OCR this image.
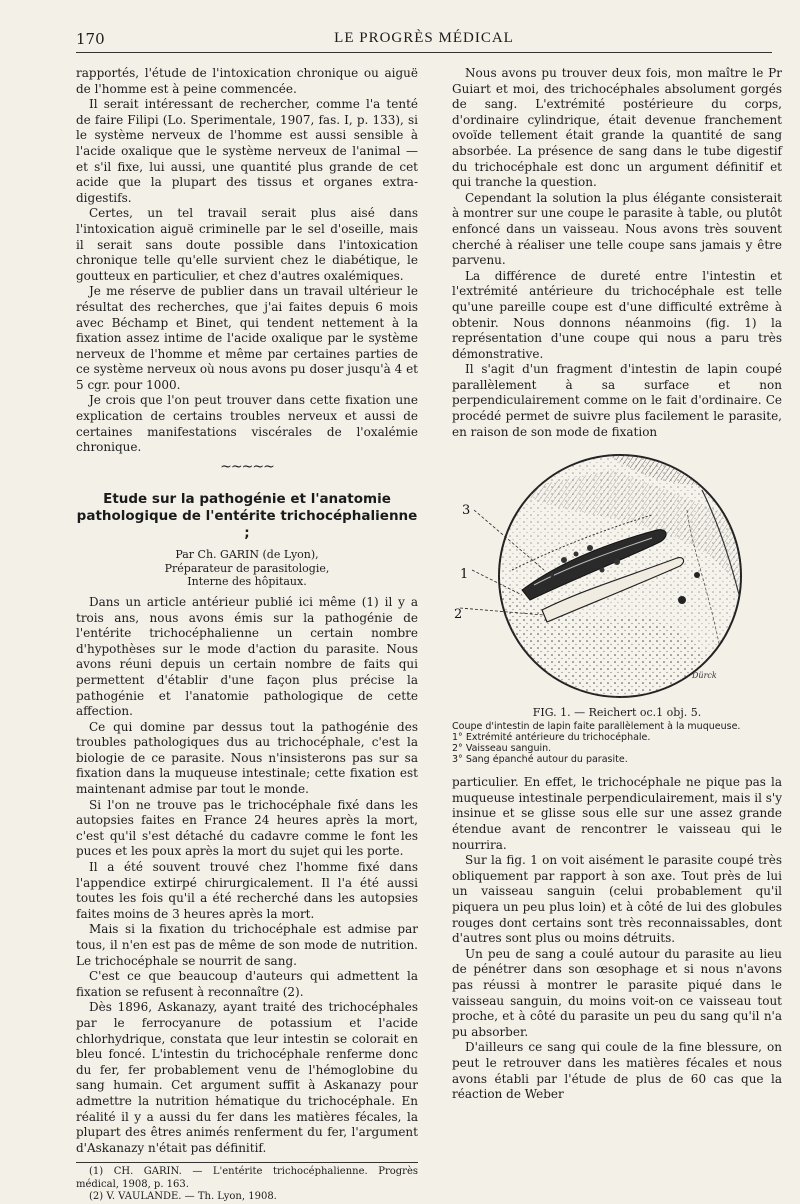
170	LE PROGRÈS MÉDICAL

rapportés, l'étude de l'intoxication chronique ou aiguë de l'homme est à peine commencée.

Il serait intéressant de rechercher, comme l'a tenté de faire Filipi (Lo. Sperimentale, 1907, fas. I, p. 133), si le système nerveux de l'homme est aussi sensible à l'acide oxalique que le système nerveux de l'animal — et s'il fixe, lui aussi, une quantité plus grande de cet acide que la plupart des tissus et organes extra-digestifs.

Certes, un tel travail serait plus aisé dans l'intoxication aiguë criminelle par le sel d'oseille, mais il serait sans doute possible dans l'intoxication chronique telle qu'elle survient chez le diabétique, le goutteux en particulier, et chez d'autres oxalémiques.

Je me réserve de publier dans un travail ultérieur le résultat des recherches, que j'ai faites depuis 6 mois avec Béchamp et Binet, qui tendent nettement à la fixation assez intime de l'acide oxalique par le système nerveux de l'homme et même par certaines parties de ce système nerveux où nous avons pu doser jusqu'à 4 et 5 cgr. pour 1000.

Je crois que l'on peut trouver dans cette fixation une explication de certains troubles nerveux et aussi de certaines manifestations viscérales de l'oxalémie chronique.

~~~~~
Etude sur la pathogénie et l'anatomie pathologique de l'entérite trichocéphalienne ;
Par Ch. GARIN (de Lyon),
Préparateur de parasitologie,
Interne des hôpitaux.

Dans un article antérieur publié ici même (1) il y a trois ans, nous avons émis sur la pathogénie de l'entérite trichocéphalienne un certain nombre d'hypothèses sur le mode d'action du parasite. Nous avons réuni depuis un certain nombre de faits qui permettent d'établir d'une façon plus précise la pathogénie et l'anatomie pathologique de cette affection.

Ce qui domine par dessus tout la pathogénie des troubles pathologiques dus au trichocéphale, c'est la biologie de ce parasite. Nous n'insisterons pas sur sa fixation dans la muqueuse intestinale; cette fixation est maintenant admise par tout le monde.

Si l'on ne trouve pas le trichocéphale fixé dans les autopsies faites en France 24 heures après la mort, c'est qu'il s'est détaché du cadavre comme le font les puces et les poux après la mort du sujet qui les porte.

Il a été souvent trouvé chez l'homme fixé dans l'appendice extirpé chirurgicalement. Il l'a été aussi toutes les fois qu'il a été recherché dans les autopsies faites moins de 3 heures après la mort.

Mais si la fixation du trichocéphale est admise par tous, il n'en est pas de même de son mode de nutrition. Le trichocéphale se nourrit de sang.

C'est ce que beaucoup d'auteurs qui admettent la fixation se refusent à reconnaître (2).

Dès 1896, Askanazy, ayant traité des trichocéphales par le ferrocyanure de potassium et l'acide chlorhydrique, constata que leur intestin se colorait en bleu foncé. L'intestin du trichocéphale renferme donc du fer, fer probablement venu de l'hémoglobine du sang humain. Cet argument suffit à Askanazy pour admettre la nutrition hématique du trichocéphale. En réalité il y a aussi du fer dans les matières fécales, la plupart des êtres animés renferment du fer, l'argument d'Askanazy n'était pas définitif.

(1) CH. GARIN. — L'entérite trichocéphalienne. Progrès médical, 1908, p. 163.
(2) V. VAULANDE. — Th. Lyon, 1908.

Nous avons pu trouver deux fois, mon maître le Pr Guiart et moi, des trichocéphales absolument gorgés de sang. L'extrémité postérieure du corps, d'ordinaire cylindrique, était devenue franchement ovoïde tellement était grande la quantité de sang absorbée. La présence de sang dans le tube digestif du trichocéphale est donc un argument définitif et qui tranche la question.

Cependant la solution la plus élégante consisterait à montrer sur une coupe le parasite à table, ou plutôt enfoncé dans un vaisseau. Nous avons très souvent cherché à réaliser une telle coupe sans jamais y être parvenu.

La différence de dureté entre l'intestin et l'extrémité antérieure du trichocéphale est telle qu'une pareille coupe est d'une difficulté extrême à obtenir. Nous donnons néanmoins (fig. 1) la représentation d'une coupe qui nous a paru très démonstrative.

Il s'agit d'un fragment d'intestin de lapin coupé parallèlement à sa surface et non perpendiculairement comme on le fait d'ordinaire. Ce procédé permet de suivre plus facilement le parasite, en raison de son mode de fixation

3
1
2
Dürck
FIG. 1. — Reichert oc.1 obj. 5.
Coupe d'intestin de lapin faite parallèlement à la muqueuse.
1° Extrémité antérieure du trichocéphale.
2° Vaisseau sanguin.
3° Sang épanché autour du parasite.

particulier. En effet, le trichocéphale ne pique pas la muqueuse intestinale perpendiculairement, mais il s'y insinue et se glisse sous elle sur une assez grande étendue avant de rencontrer le vaisseau qui le nourrira.

Sur la fig. 1 on voit aisément le parasite coupé très obliquement par rapport à son axe. Tout près de lui un vaisseau sanguin (celui probablement qu'il piquera un peu plus loin) et à côté de lui des globules rouges dont certains sont très reconnaissables, dont d'autres sont plus ou moins détruits.

Un peu de sang a coulé autour du parasite au lieu de pénétrer dans son œsophage et si nous n'avons pas réussi à montrer le parasite piqué dans le vaisseau sanguin, du moins voit-on ce vaisseau tout proche, et à côté du parasite un peu du sang qu'il n'a pu absorber.

D'ailleurs ce sang qui coule de la fine blessure, on peut le retrouver dans les matières fécales et nous avons établi par l'étude de plus de 60 cas que la réaction de Weber
